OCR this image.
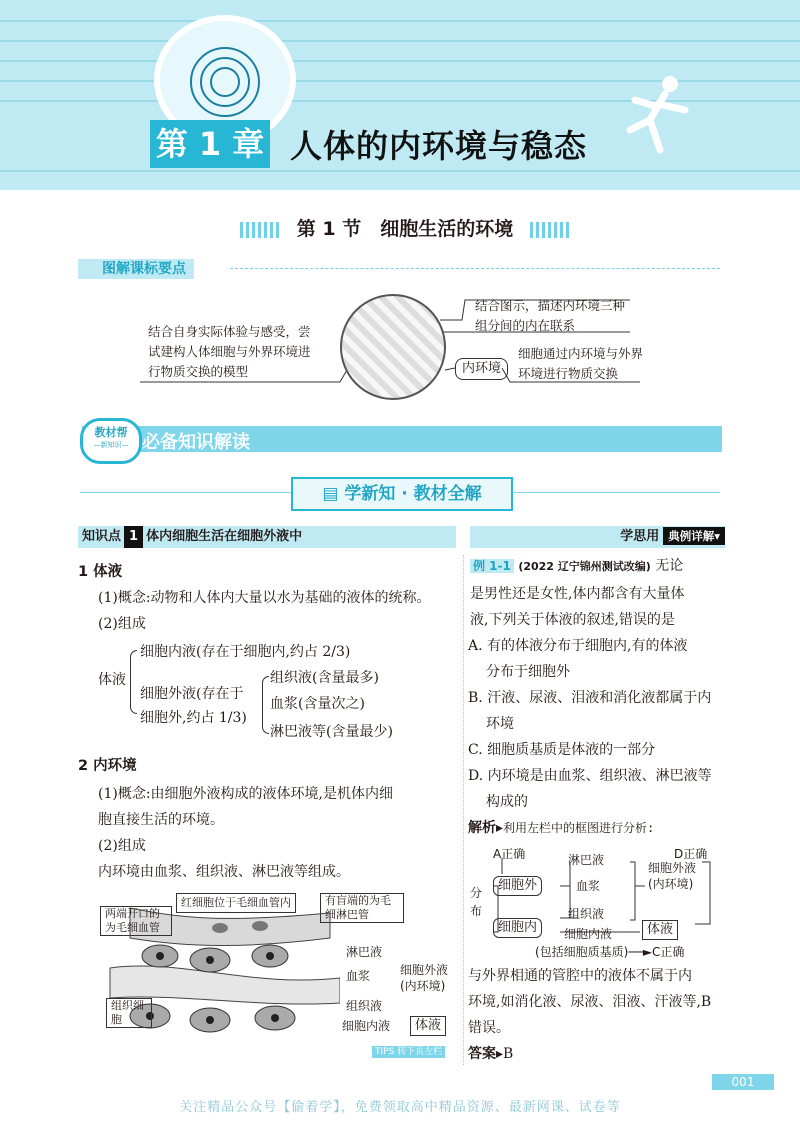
第 1 章 人体的内环境与稳态
第 1 节　细胞生活的环境
图解课标要点
结合自身实际体验与感受，尝试建构人体细胞与外界环境进行物质交换的模型
结合图示，描述内环境三种组分间的内在联系
内环境
细胞通过内环境与外界环境进行物质交换
教材帮
—新知识— 必备知识解读
▤ 学新知 · 教材全解
知识点 1 体内细胞生活在细胞外液中	学思用 典例详解▾
1 体液
(1)概念:动物和人体内大量以水为基础的液体的统称。
(2)组成
体液
细胞内液(存在于细胞内,约占 2/3)
细胞外液(存在于
细胞外,约占 1/3)
组织液(含量最多)
血浆(含量次之)
淋巴液等(含量最少)
2 内环境
(1)概念:由细胞外液构成的液体环境,是机体内细
胞直接生活的环境。
(2)组成
内环境由血浆、组织液、淋巴液等组成。
红细胞位于毛细血管内
两端开口的为毛细血管
有盲端的为毛细淋巴管
组织细胞
淋巴液
血浆
组织液
细胞内液
细胞外液(内环境)
体液
TIPS 转下页左栏
例 1-1 (2022 辽宁锦州测试改编) 无论
是男性还是女性,体内都含有大量体
液,下列关于体液的叙述,错误的是
A. 有的体液分布于细胞内,有的体液
分布于细胞外
B. 汗液、尿液、泪液和消化液都属于内
环境
C. 细胞质基质是体液的一部分
D. 内环境是由血浆、组织液、淋巴液等
构成的
解析▸利用左栏中的框图进行分析:
A正确	D正确
分布
细胞外
细胞内
淋巴液
血浆
组织液
细胞内液
细胞外液(内环境)
体液
(包括细胞质基质)──►C正确
与外界相通的管腔中的液体不属于内
环境,如消化液、尿液、泪液、汗液等,B
错误。
答案▸B
001
关注精品公众号【偷着学】，免费领取高中精品资源、最新网课、试卷等
